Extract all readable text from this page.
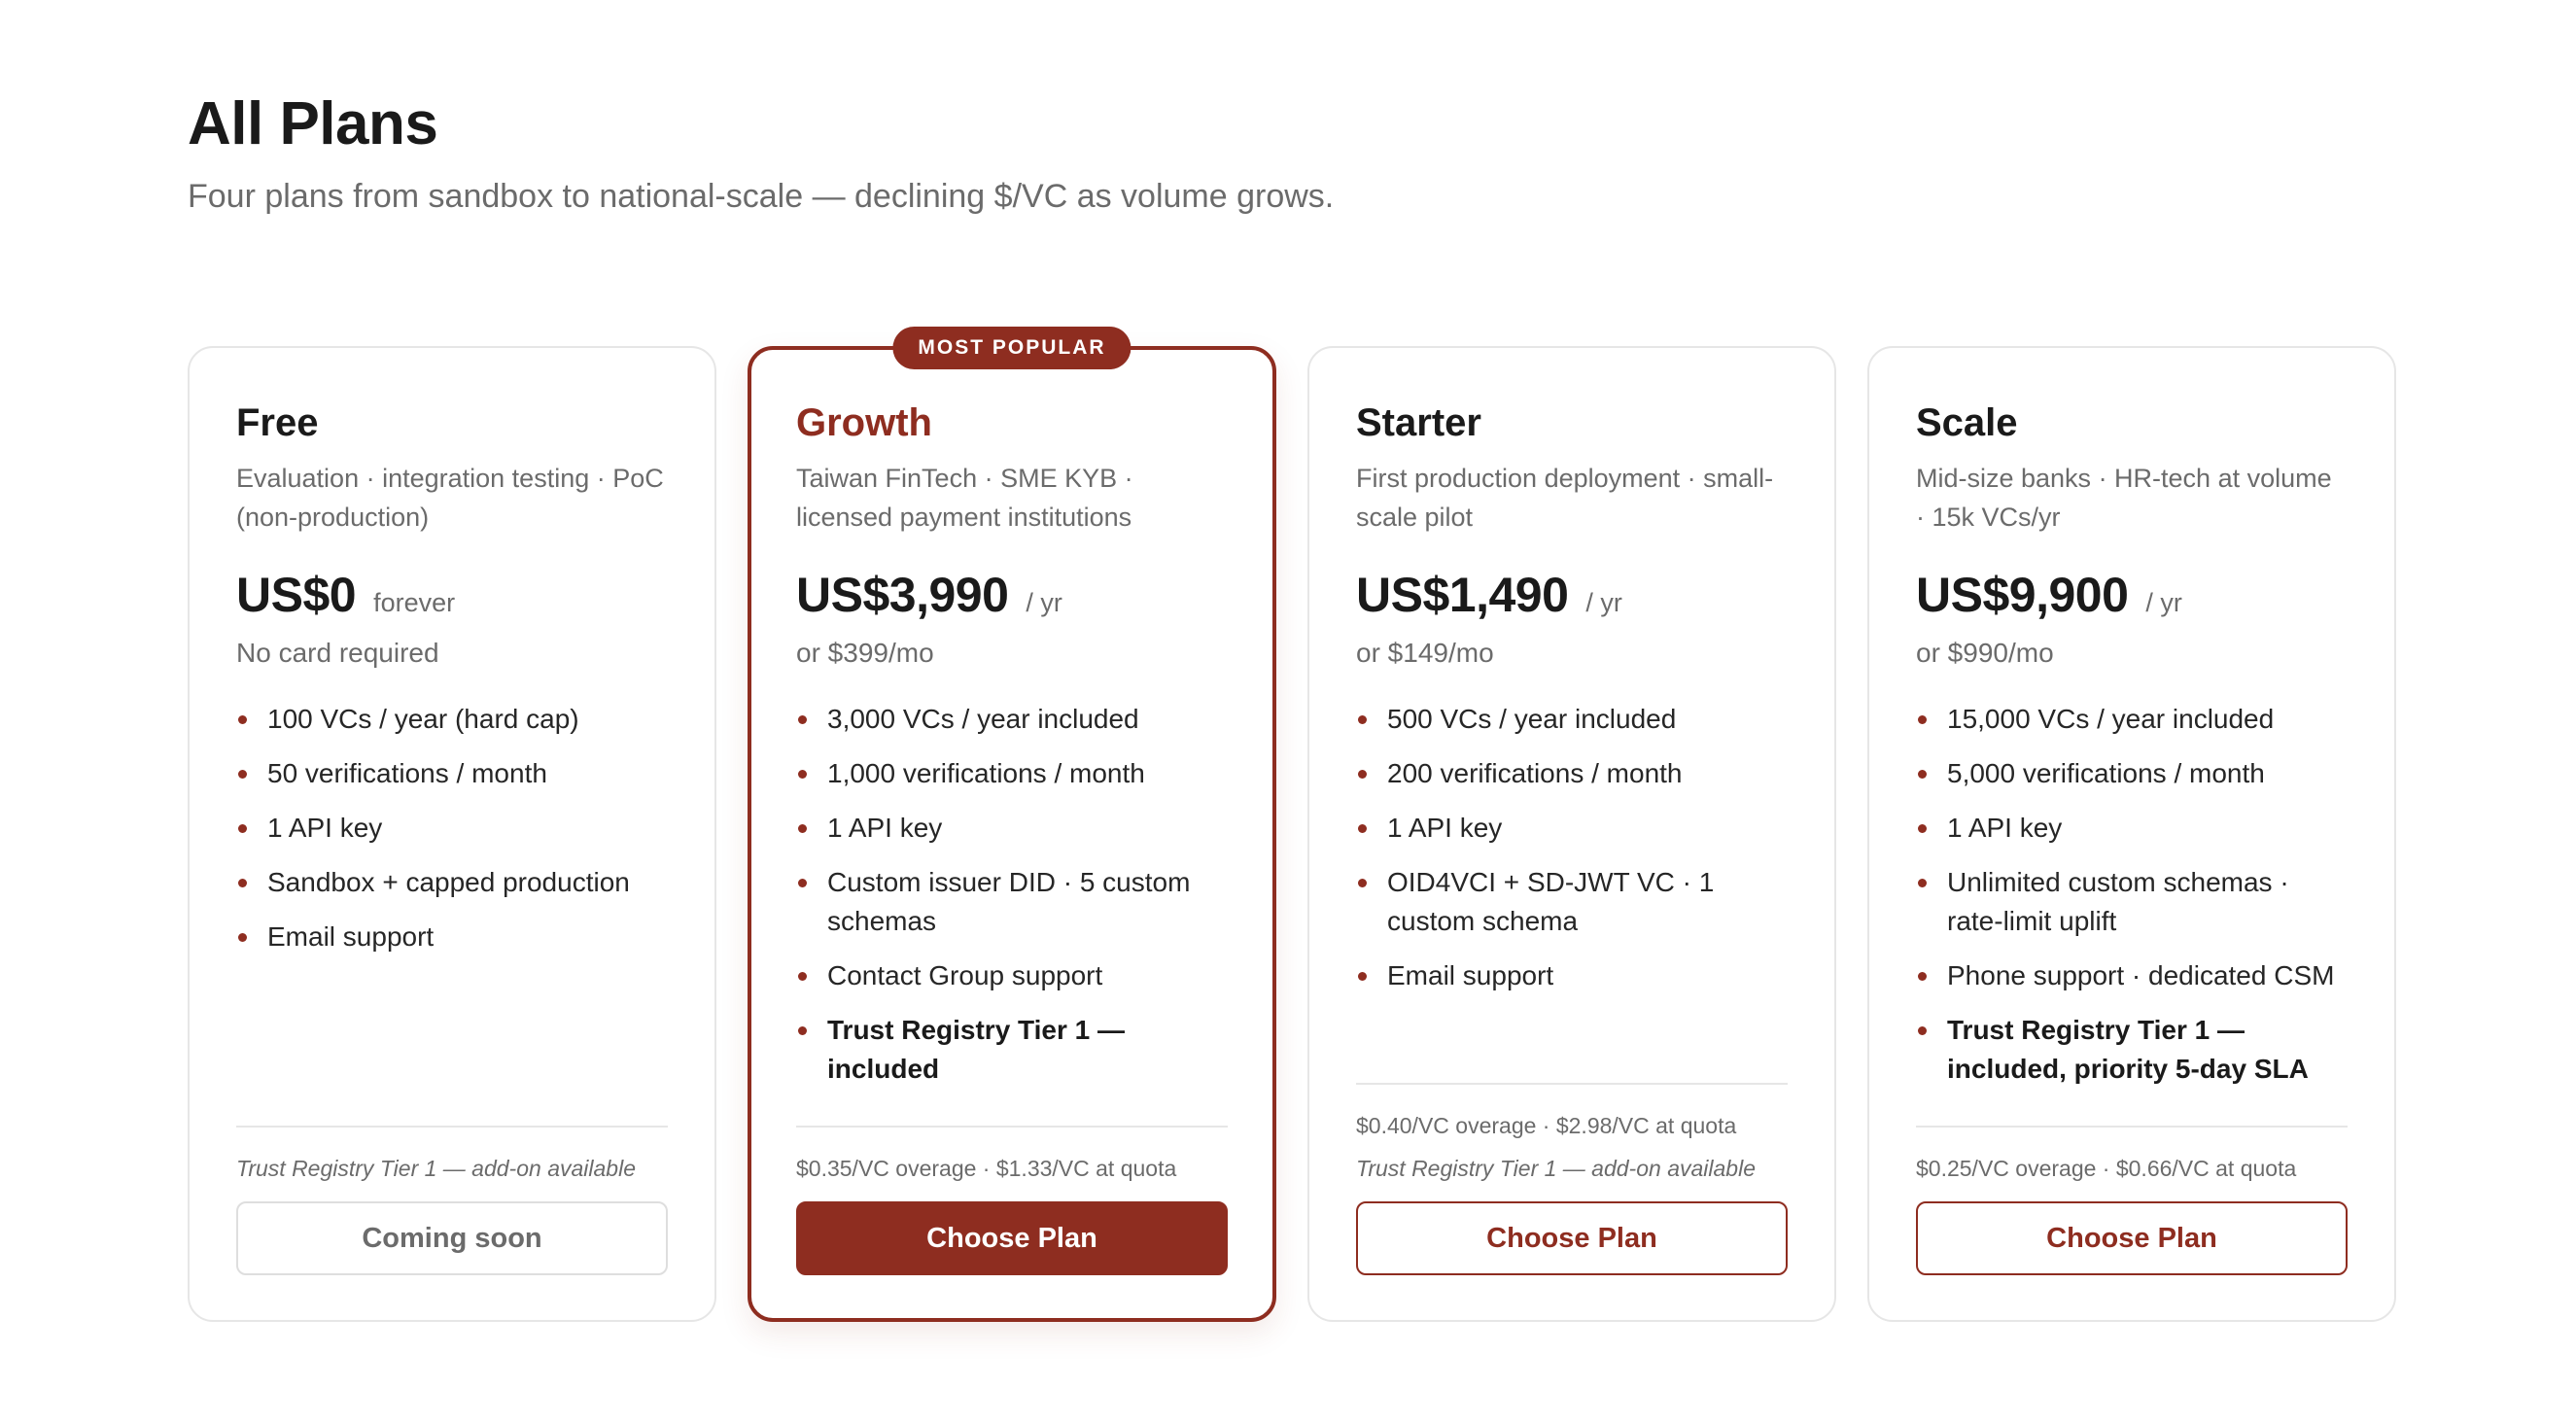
All Plans

Four plans from sandbox to national-scale — declining $/VC as volume grows.

Free
Evaluation · integration testing · PoC (non-production)
US$0 forever
No card required
100 VCs / year (hard cap)
50 verifications / month
1 API key
Sandbox + capped production
Email support
Trust Registry Tier 1 — add-on available
Coming soon
MOST POPULAR
Growth
Taiwan FinTech · SME KYB · licensed payment institutions
US$3,990 / yr
or $399/mo
3,000 VCs / year included
1,000 verifications / month
1 API key
Custom issuer DID · 5 custom schemas
Contact Group support
Trust Registry Tier 1 — included
$0.35/VC overage · $1.33/VC at quota
Choose Plan
Starter
First production deployment · small-scale pilot
US$1,490 / yr
or $149/mo
500 VCs / year included
200 verifications / month
1 API key
OID4VCI + SD-JWT VC · 1 custom schema
Email support
$0.40/VC overage · $2.98/VC at quota
Trust Registry Tier 1 — add-on available
Choose Plan
Scale
Mid-size banks · HR-tech at volume · 15k VCs/yr
US$9,900 / yr
or $990/mo
15,000 VCs / year included
5,000 verifications / month
1 API key
Unlimited custom schemas · rate-limit uplift
Phone support · dedicated CSM
Trust Registry Tier 1 — included, priority 5-day SLA
$0.25/VC overage · $0.66/VC at quota
Choose Plan
